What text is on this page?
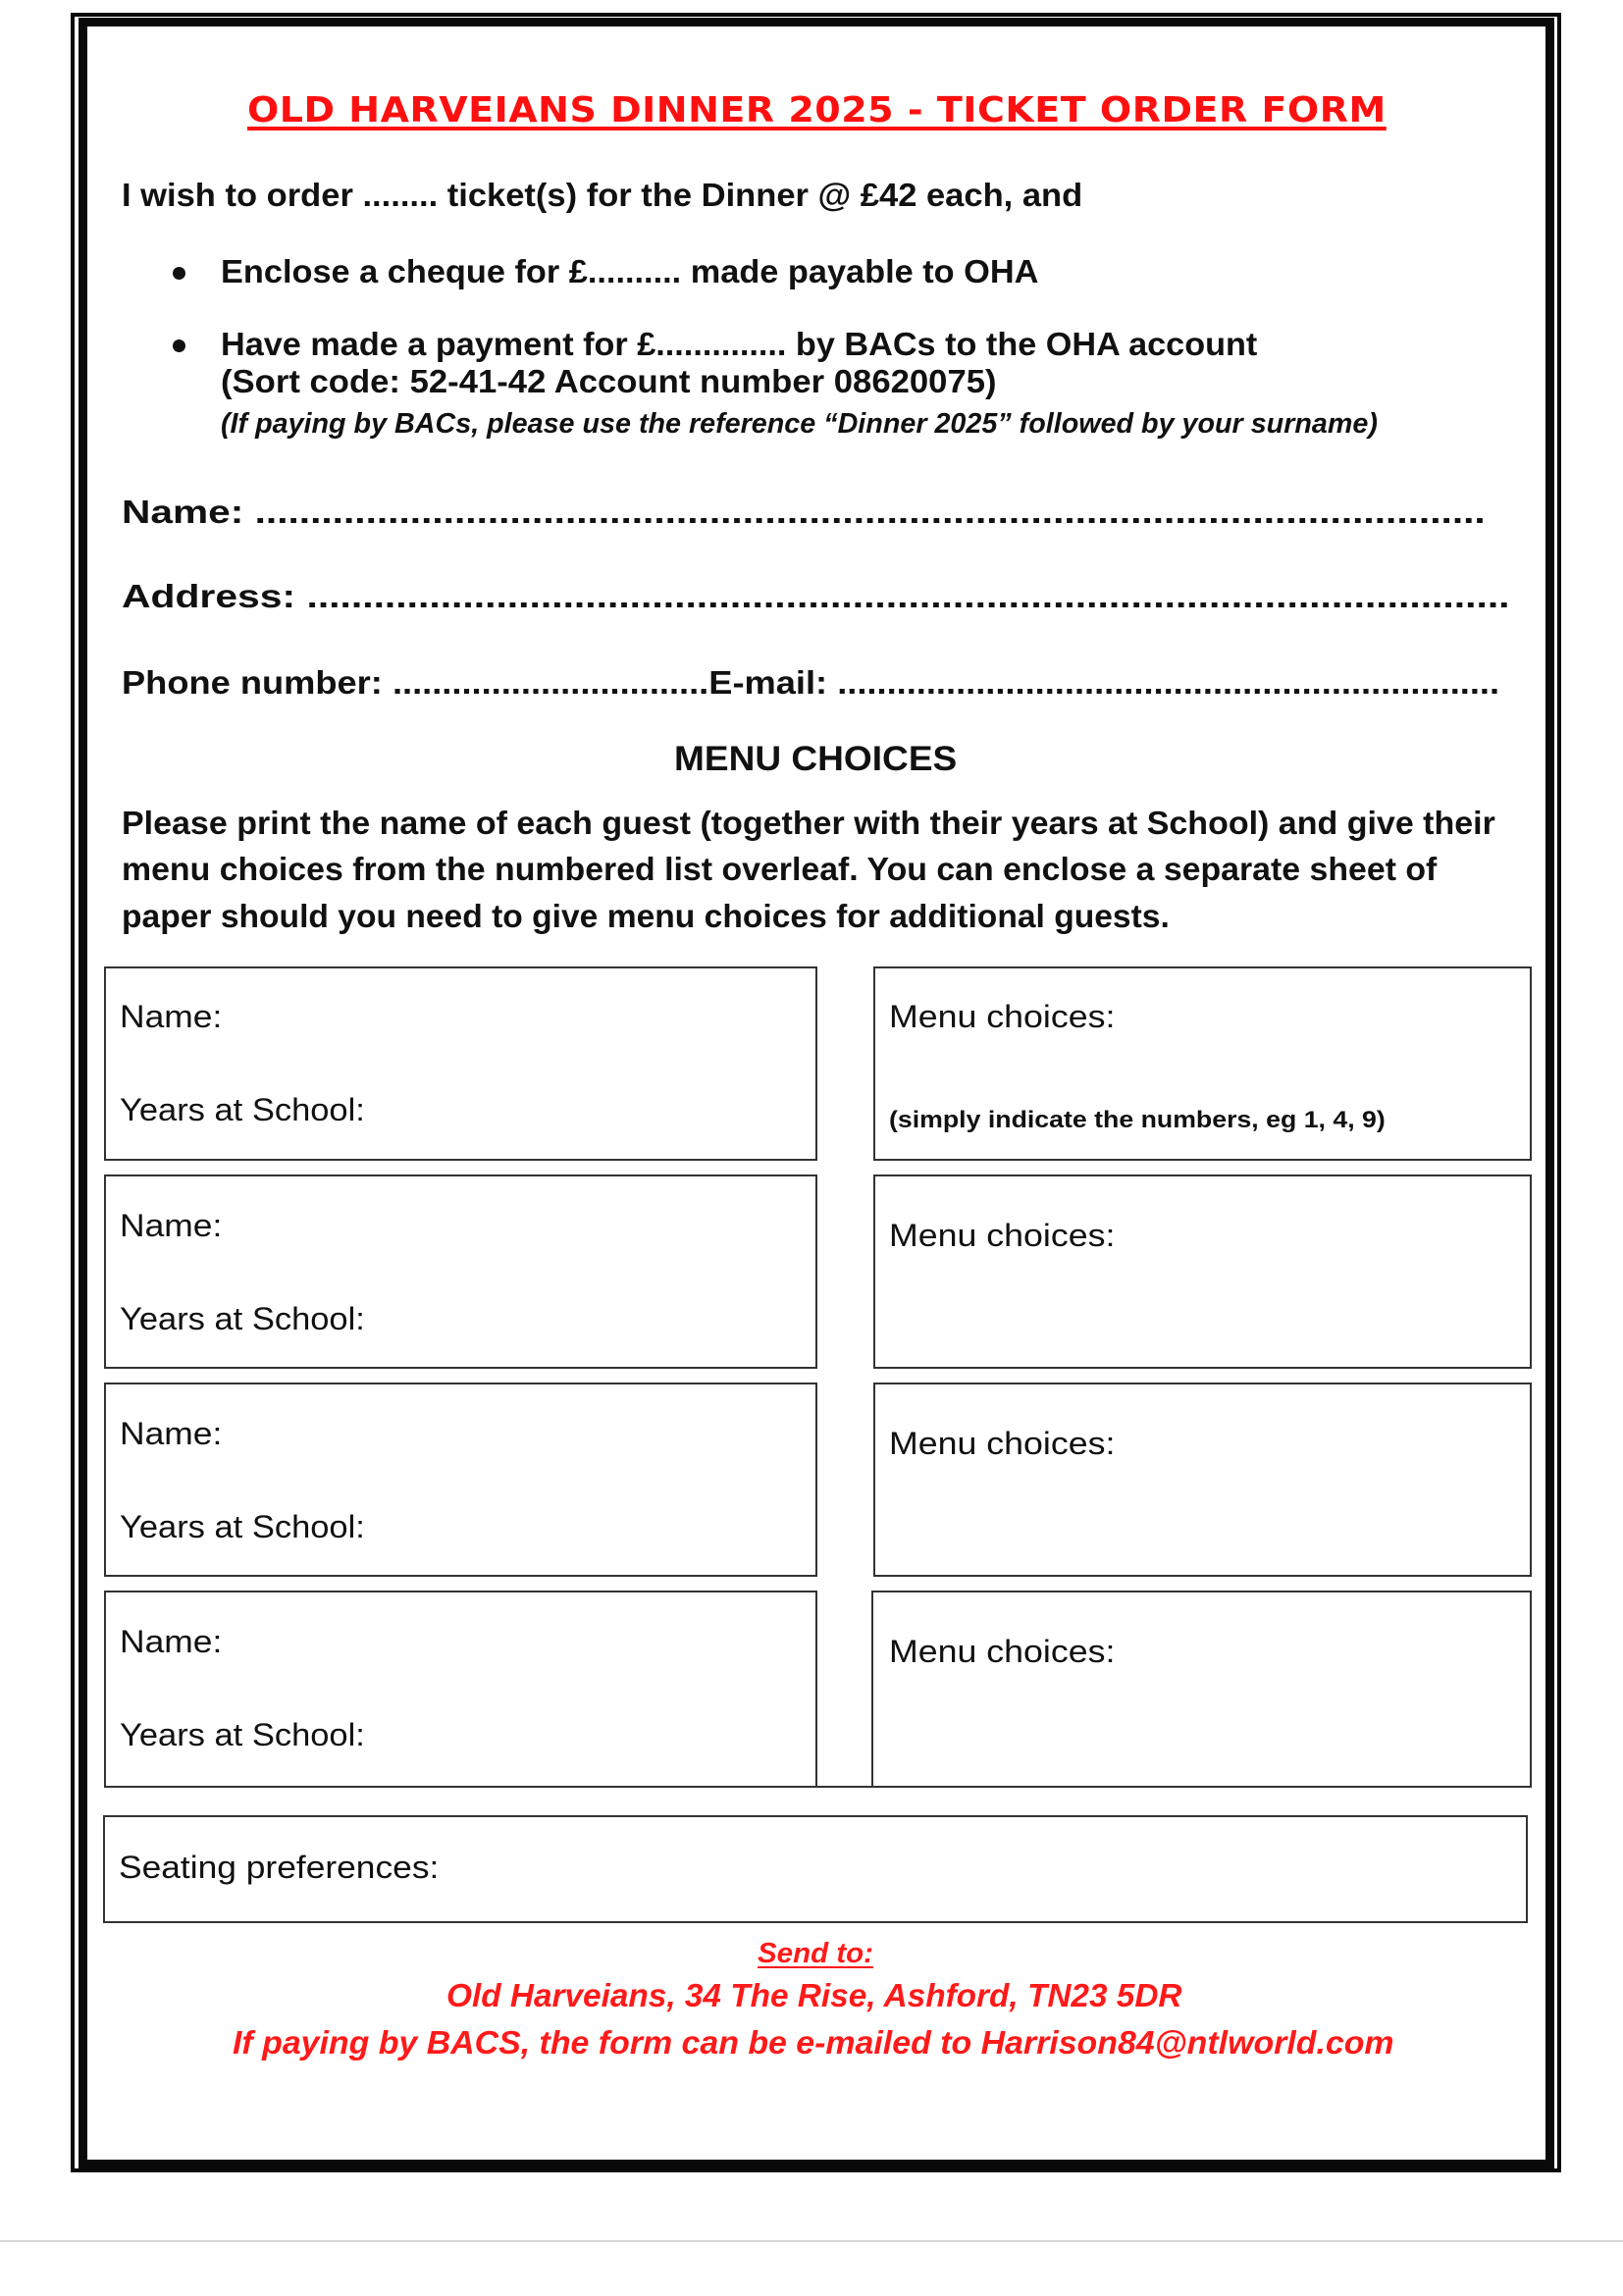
OLD HARVEIANS DINNER 2025 - TICKET ORDER FORM
I wish to order ........ ticket(s) for the Dinner @ £42 each, and
Enclose a cheque for £.......... made payable to OHA
Have made a payment for £.............. by BACs to the OHA account
(Sort code: 52-41-42 Account number 08620075)
(If paying by BACs, please use the reference “Dinner 2025” followed by your surname)
Name: ...............................................................................................................
Address: ............................................................................................................
Phone number: ................................E-mail: ...................................................................
MENU CHOICES
Please print the name of each guest (together with their years at School) and give their
menu choices from the numbered list overleaf. You can enclose a separate sheet of
paper should you need to give menu choices for additional guests.
Name:
Years at School:
Menu choices:
(simply indicate the numbers, eg 1, 4, 9)
Name:
Years at School:
Menu choices:
Name:
Years at School:
Menu choices:
Name:
Years at School:
Menu choices:
Seating preferences:
Send to:
Old Harveians, 34 The Rise, Ashford, TN23 5DR
If paying by BACS, the form can be e-mailed to Harrison84@ntlworld.com
